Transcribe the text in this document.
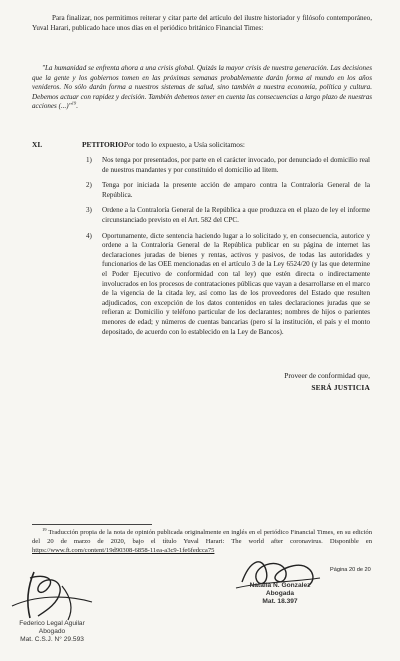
Para finalizar, nos permitimos reiterar y citar parte del artículo del ilustre historiador y filósofo contemporáneo, Yuval Harari, publicado hace unos días en el periódico británico Financial Times:
"La humanidad se enfrenta ahora a una crisis global. Quizás la mayor crisis de nuestra generación. Las decisiones que la gente y los gobiernos tomen en las próximas semanas probablemente darán forma al mundo en los años venideros. No sólo darán forma a nuestros sistemas de salud, sino también a nuestra economía, política y cultura. Debemos actuar con rapidez y decisión. También debemos tener en cuenta las consecuencias a largo plazo de nuestras acciones (...)"$^{19}$.
XI.	PETITORIO.
Por todo lo expuesto, a Usía solicitamos:
1) Nos tenga por presentados, por parte en el carácter invocado, por denunciado el domicilio real de nuestros mandantes y por constituido el domicilio ad litem.
2) Tenga por iniciada la presente acción de amparo contra la Contraloría General de la República.
3) Ordene a la Contraloría General de la República a que produzca en el plazo de ley el informe circunstanciado previsto en el Art. 582 del CPC.
4) Oportunamente, dicte sentencia haciendo lugar a lo solicitado y, en consecuencia, autorice y ordene a la Contraloría General de la República publicar en su página de internet las declaraciones juradas de bienes y rentas, activos y pasivos, de todas las autoridades y funcionarios de las OEE mencionadas en el artículo 3 de la Ley 6524/20 (y las que determine el Poder Ejecutivo de conformidad con tal ley) que estén directa o indirectamente involucrados en los procesos de contrataciones públicas que vayan a desarrollarse en el marco de la vigencia de la citada ley, así como las de los proveedores del Estado que resulten adjudicados, con excepción de los datos contenidos en tales declaraciones juradas que se refieran a: Domicilio y teléfono particular de los declarantes; nombres de hijos o parientes menores de edad; y números de cuentas bancarias (pero sí la institución, el país y el monto depositado, de acuerdo con lo establecido en la Ley de Bancos).
Proveer de conformidad que,
SERÁ JUSTICIA
$^{19}$ Traducción propia de la nota de opinión publicada originalmente en inglés en el periódico Financial Times, en su edición del 20 de marzo de 2020, bajo el título Yuval Harari: The world after coronavirus. Disponible en https://www.ft.com/content/19d90308-6858-11ea-a3c9-1fe6fedcca75
Página 20 de 20
Federico Legal Aguilar
Abogado
Mat. C.S.J. N° 29.593
Natalia N. Gonzalez
Abogada
Mat. 18.397
